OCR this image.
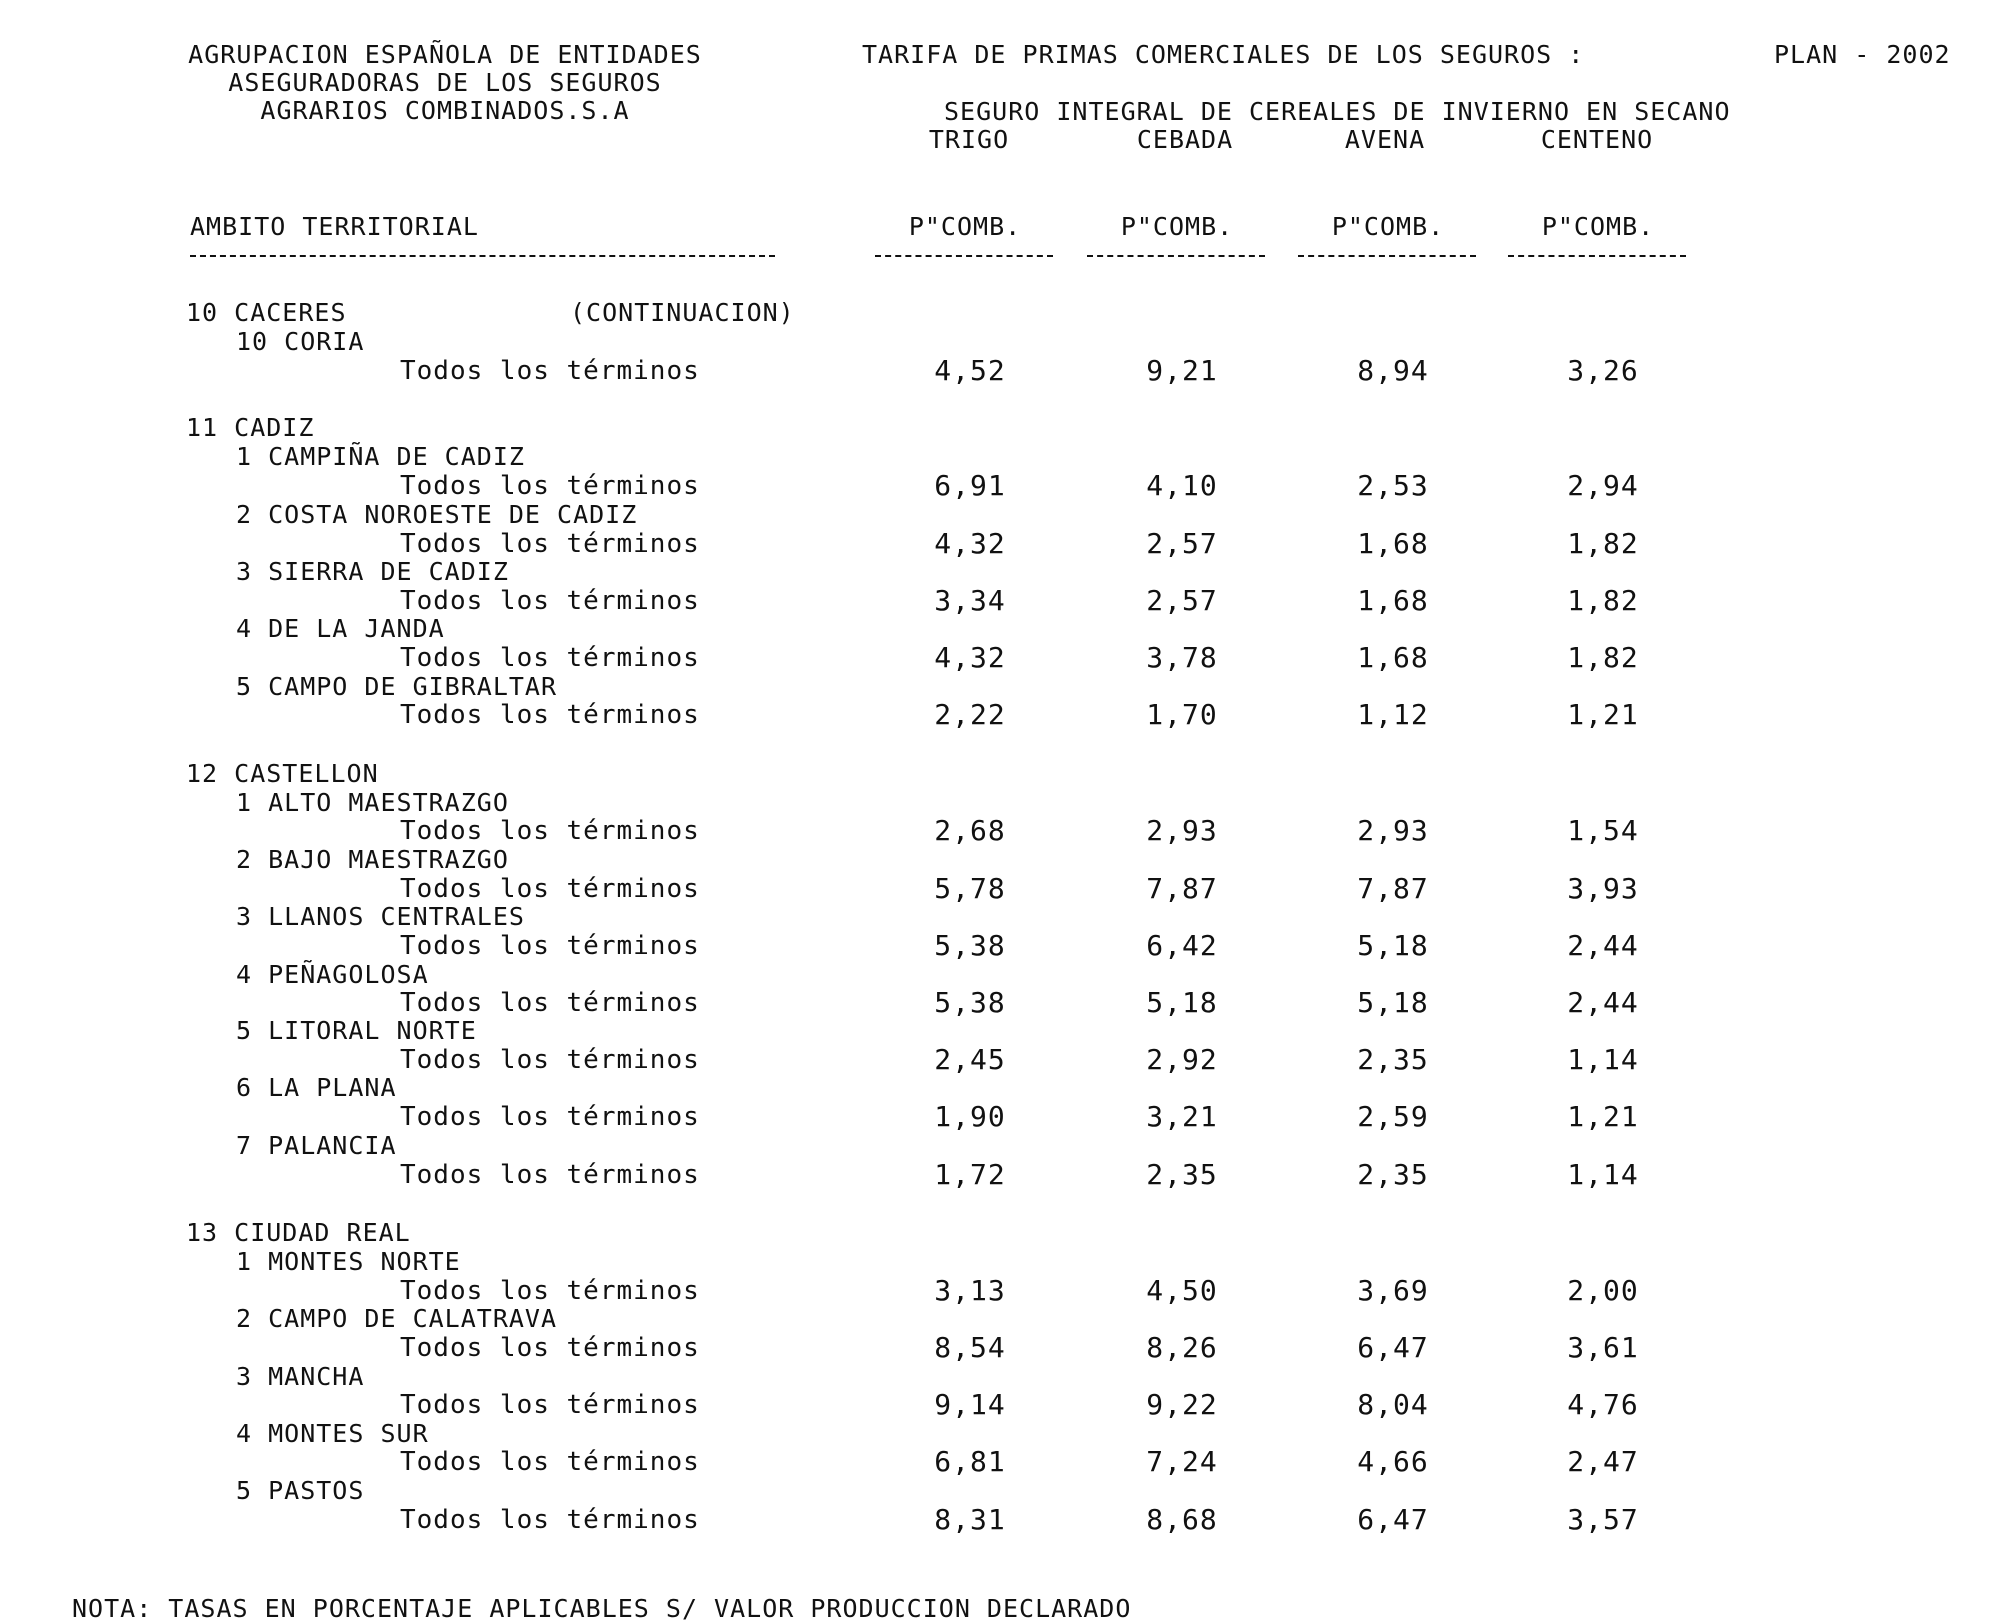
AGRUPACION ESPAÑOLA DE ENTIDADES
ASEGURADORAS DE LOS SEGUROS
AGRARIOS COMBINADOS.S.A
TARIFA DE PRIMAS COMERCIALES DE LOS SEGUROS :	PLAN - 2002
SEGURO INTEGRAL DE CEREALES DE INVIERNO EN SECANO
TRIGO	CEBADA	AVENA	CENTENO
AMBITO TERRITORIAL	P"COMB.	P"COMB.	P"COMB.	P"COMB.
10 CACERES	(CONTINUACION)
10 CORIA
Todos los términos	4,52	9,21	8,94	3,26
11 CADIZ
1 CAMPIÑA DE CADIZ
Todos los términos	6,91	4,10	2,53	2,94
2 COSTA NOROESTE DE CADIZ
Todos los términos	4,32	2,57	1,68	1,82
3 SIERRA DE CADIZ
Todos los términos	3,34	2,57	1,68	1,82
4 DE LA JANDA
Todos los términos	4,32	3,78	1,68	1,82
5 CAMPO DE GIBRALTAR
Todos los términos	2,22	1,70	1,12	1,21
12 CASTELLON
1 ALTO MAESTRAZGO
Todos los términos	2,68	2,93	2,93	1,54
2 BAJO MAESTRAZGO
Todos los términos	5,78	7,87	7,87	3,93
3 LLANOS CENTRALES
Todos los términos	5,38	6,42	5,18	2,44
4 PEÑAGOLOSA
Todos los términos	5,38	5,18	5,18	2,44
5 LITORAL NORTE
Todos los términos	2,45	2,92	2,35	1,14
6 LA PLANA
Todos los términos	1,90	3,21	2,59	1,21
7 PALANCIA
Todos los términos	1,72	2,35	2,35	1,14
13 CIUDAD REAL
1 MONTES NORTE
Todos los términos	3,13	4,50	3,69	2,00
2 CAMPO DE CALATRAVA
Todos los términos	8,54	8,26	6,47	3,61
3 MANCHA
Todos los términos	9,14	9,22	8,04	4,76
4 MONTES SUR
Todos los términos	6,81	7,24	4,66	2,47
5 PASTOS
Todos los términos	8,31	8,68	6,47	3,57
NOTA: TASAS EN PORCENTAJE APLICABLES S/ VALOR PRODUCCION DECLARADO
